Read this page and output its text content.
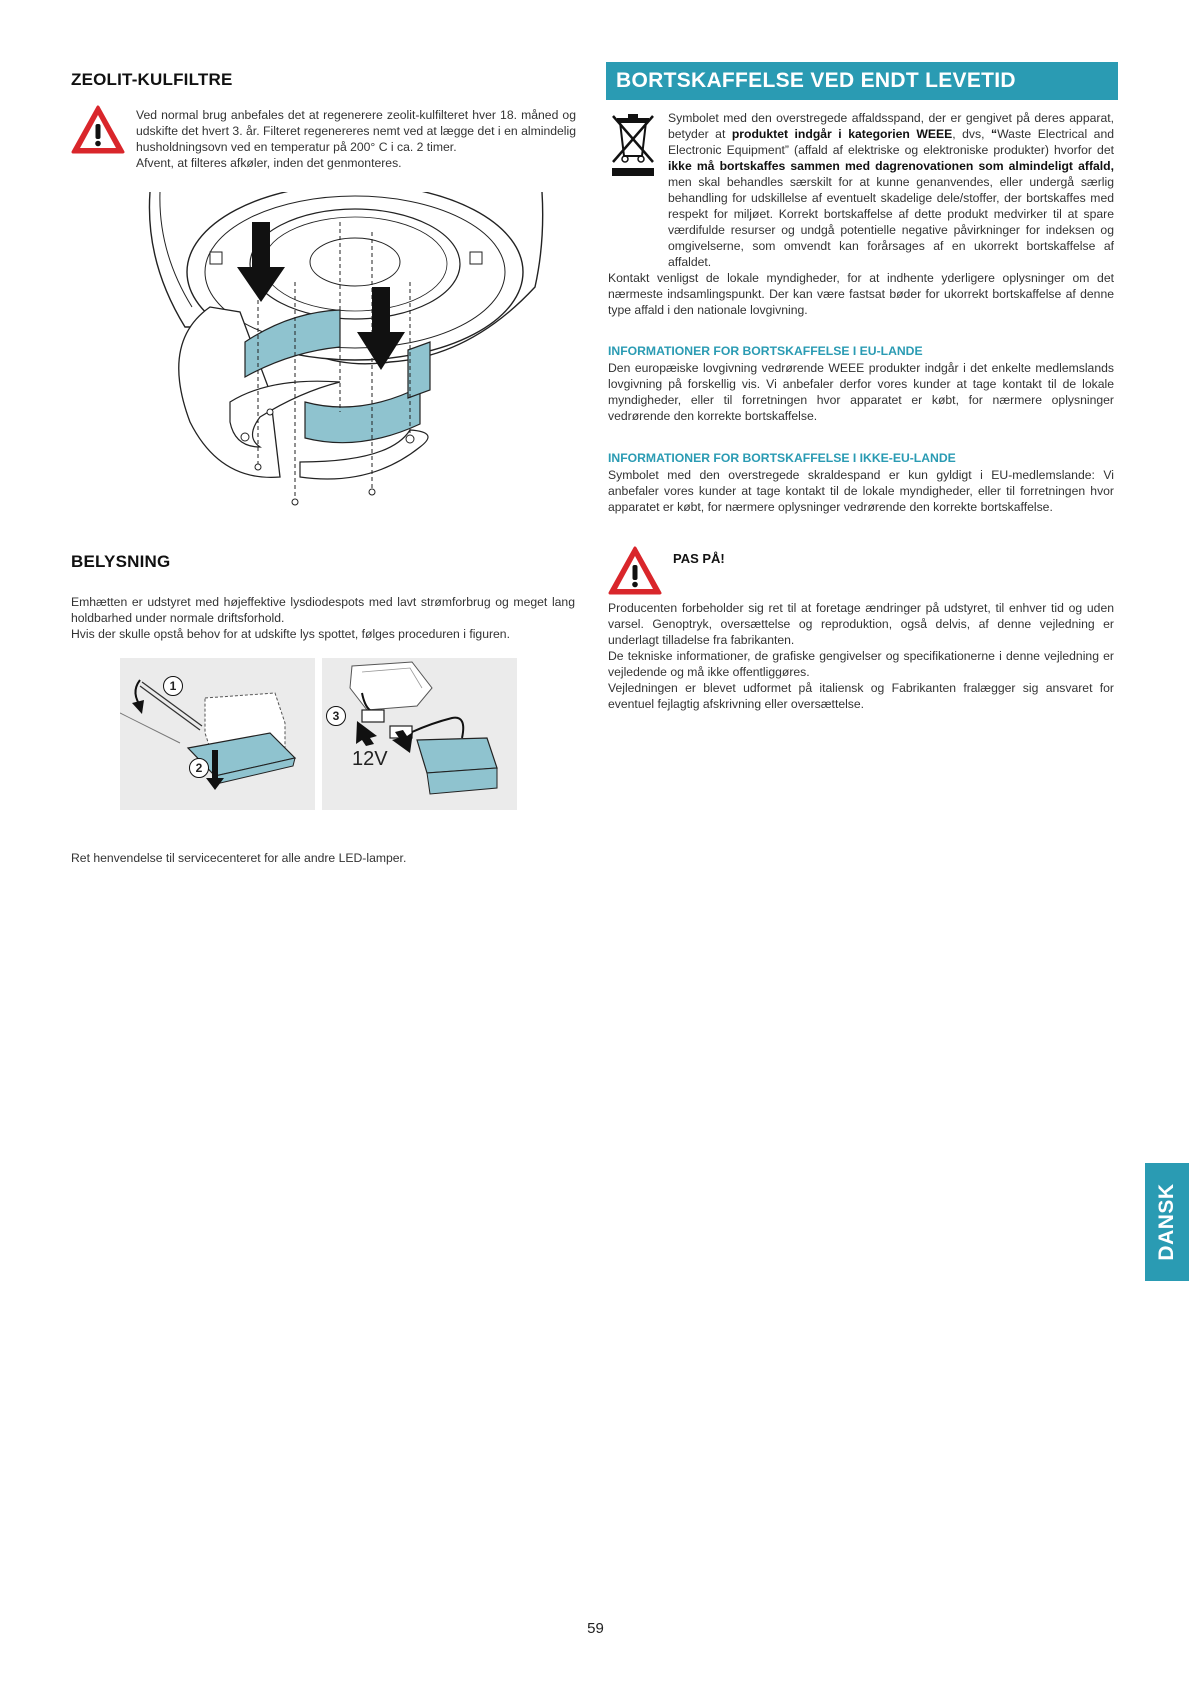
ZEOLIT-KULFILTRE

Ved normal brug anbefales det at regenerere zeolit-kulfilteret hver 18. måned og udskifte det hvert 3. år. Filteret regenereres nemt ved at lægge det i en almindelig husholdningsovn ved en temperatur på 200° C i ca. 2 timer.

Afvent, at filteres afkøler, inden det genmonteres.

BELYSNING

Emhætten er udstyret med højeffektive lysdiodespots med lavt strømforbrug og meget lang holdbarhed under normale driftsforhold.

Hvis der skulle opstå behov for at udskifte lys spottet, følges proceduren i figuren.

1
2
3
12V
Ret henvendelse til servicecenteret for alle andre LED-lamper.
BORTSKAFFELSE VED ENDT LEVETID

Symbolet med den overstregede affaldsspand, der er gengivet på deres apparat, betyder at produktet indgår i kategorien WEEE, dvs, “Waste Electrical and Electronic Equipment” (affald af elektriske og elektroniske produkter) hvorfor det ikke må bortskaffes sammen med dagrenovationen som almindeligt affald, men skal behandles særskilt for at kunne genanvendes, eller undergå særlig behandling for udskillelse af eventuelt skadelige dele/stoffer, der bortskaffes med respekt for miljøet. Korrekt bortskaffelse af dette produkt medvirker til at spare værdifulde resurser og undgå potentielle negative påvirkninger for indeksen og omgivelserne, som omvendt kan forårsages af en ukorrekt bortskaffelse af affaldet.

Kontakt venligst de lokale myndigheder, for at indhente yderligere oplysninger om det nærmeste indsamlingspunkt. Der kan være fastsat bøder for ukorrekt bortskaffelse af denne type affald i den nationale lovgivning.

INFORMATIONER FOR BORTSKAFFELSE I EU-LANDE
Den europæiske lovgivning vedrørende WEEE produkter indgår i det enkelte medlemslands lovgivning på forskellig vis. Vi anbefaler derfor vores kunder at tage kontakt til de lokale myndigheder, eller til forretningen hvor apparatet er købt, for nærmere oplysninger vedrørende den korrekte bortskaffelse.
INFORMATIONER FOR BORTSKAFFELSE I IKKE-EU-LANDE
Symbolet med den overstregede skraldespand er kun gyldigt i EU-medlemslande: Vi anbefaler vores kunder at tage kontakt til de lokale myndigheder, eller til forretningen hvor apparatet er købt, for nærmere oplysninger vedrørende den korrekte bortskaffelse.
PAS PÅ!

Producenten forbeholder sig ret til at foretage ændringer på udstyret, til enhver tid og uden varsel. Genoptryk, oversættelse og reproduktion, også delvis, af denne vejledning er underlagt tilladelse fra fabrikanten.

De tekniske informationer, de grafiske gengivelser og specifikationerne i denne vejledning er vejledende og må ikke offentliggøres.

Vejledningen er blevet udformet på italiensk og Fabrikanten fralægger sig ansvaret for eventuel fejlagtig afskrivning eller oversættelse.

DANSK
59
